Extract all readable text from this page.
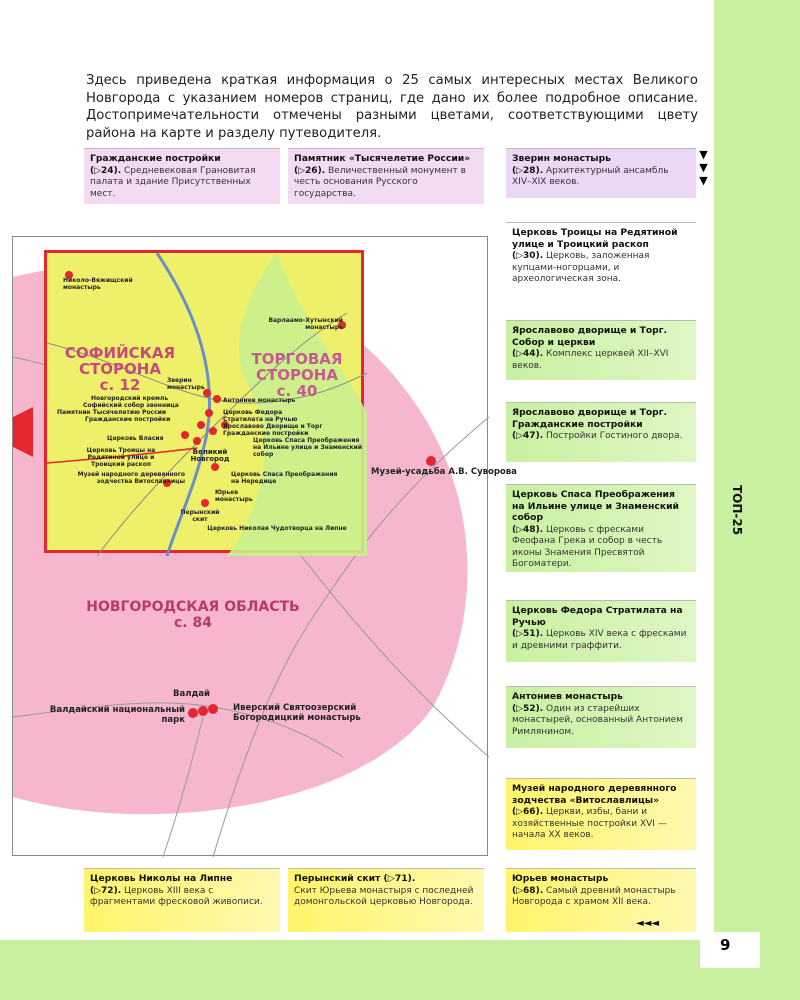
9
ТОП-25

Здесь приведена краткая информация о 25 самых интересных местах Великого Новгорода с указанием номеров страниц, где дано их более подробное описание. Достопримечательности отмечены разными цветами, соответствующими цвету района на карте и разделу путеводителя.

Гражданские постройки
(▷24). Средневековая Грановитая палата и здание Присутственных мест.
Памятник «Тысячелетие России»
(▷26). Величественный монумент в честь основания Русского государства.
Зверин монастырь
(▷28). Архитектурный ансамбль XIV–XIX веков.	▼▼▼
Церковь Троицы на Редятиной улице и Троицкий раскоп
(▷30). Церковь, заложенная купцами-ногорцами, и археологическая зона.
Ярославово дворище и Торг. Собор и церкви
(▷44). Комплекс церквей XII–XVI веков.
Ярославово дворище и Торг. Гражданские постройки
(▷47). Постройки Гостиного двора.
Церковь Спаса Преображения на Ильине улице и Знаменский собор
(▷48). Церковь с фресками Феофана Грека и собор в честь иконы Знамения Пресвятой Богоматери.
Церковь Федора Стратилата на Ручью
(▷51). Церковь XIV века с фресками и древними граффити.
Антониев монастырь
(▷52). Один из старейших монастырей, основанный Антонием Римлянином.
Музей народного деревянного зодчества «Витославлицы»
(▷66). Церкви, избы, бани и хозяйственные постройки XVI — начала XX веков.
Церковь Николы на Липне
(▷72). Церковь XIII века с фрагментами фресковой живописи.
Перынский скит (▷71).
Скит Юрьева монастыря с последней домонгольской церковью Новгорода.
Юрьев монастырь
(▷68). Самый древний монастырь Новгорода с храмом XII века.
◄◄◄
НОВГОРОДСКАЯ ОБЛАСТЬ
с. 84
Музей-усадьба А.В. Суворова
Валдай
Валдайский национальный парк
Иверский Святоозерский Богородицкий монастырь
СОФИЙСКАЯ СТОРОНА
с. 12
ТОРГОВАЯ СТОРОНА
с. 40
Николо-Вяжищский монастырь
Варлаамо-Хутынский монастырь
Зверин монастырь
Антониев монастырь
Новгородский кремль
Софийский собор звонница
Памятник Тысячелетию России
Гражданские постройки
Церковь Федора Стратилата на Ручью
Ярославово Дворище и Торг
Гражданские постройки
Церковь Спаса Преображения на Ильине улице и Знаменский собор
Церковь Власия
Церковь Троицы на Редятиной улице и Троицкий раскоп
Великий Новгород
Музей народного деревянного зодчества Витославлицы
Церковь Спаса Преображения на Нередице
Юрьев монастырь
Перынский скит
Церковь Николая Чудотворца на Липне
